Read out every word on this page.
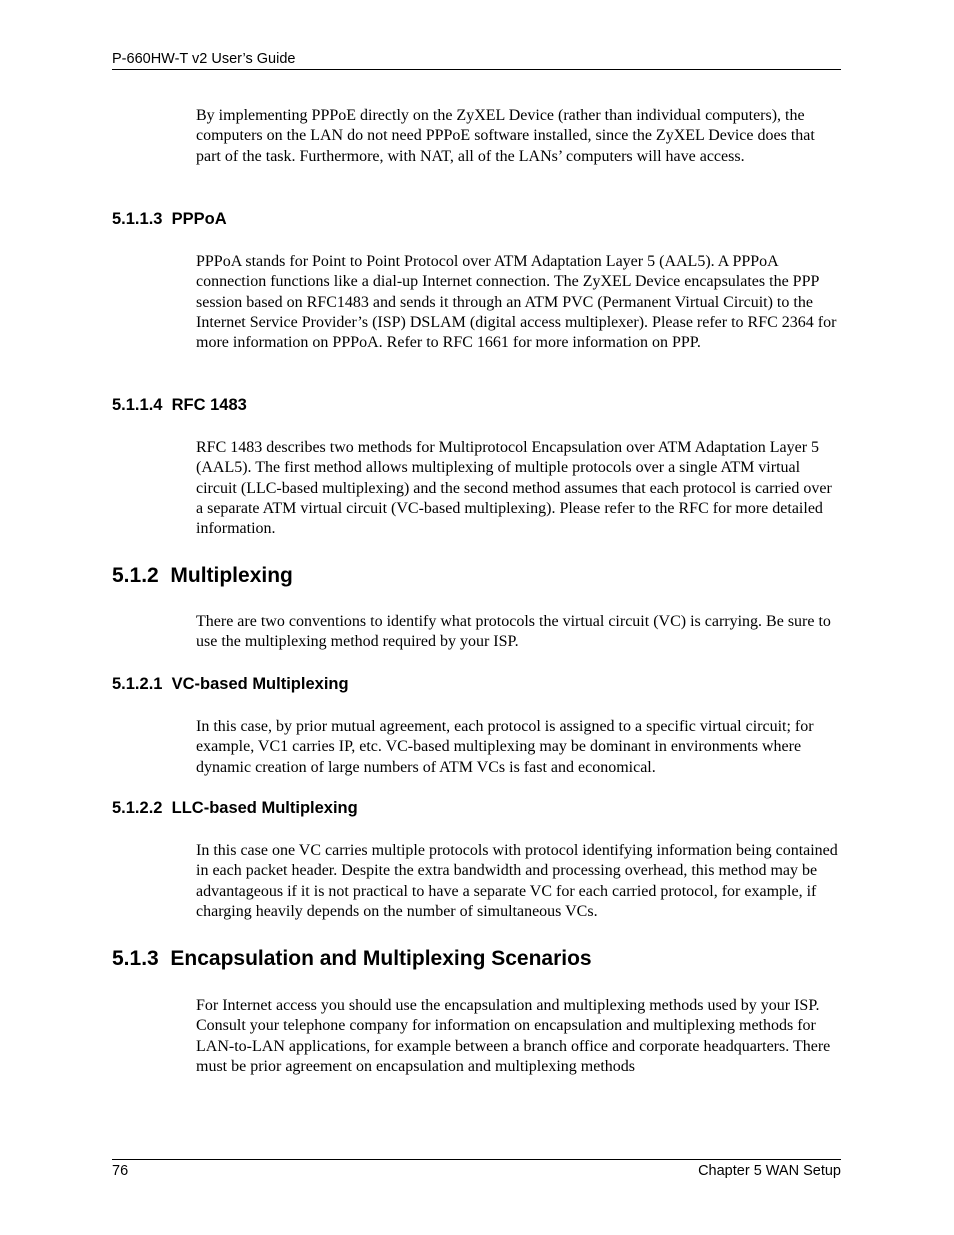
P-660HW-T v2 User’s Guide

By implementing PPPoE directly on the ZyXEL Device (rather than individual computers), the computers on the LAN do not need PPPoE software installed, since the ZyXEL Device does that part of the task. Furthermore, with NAT, all of the LANs’ computers will have access.

5.1.1.3  PPPoA

PPPoA stands for Point to Point Protocol over ATM Adaptation Layer 5 (AAL5). A PPPoA connection functions like a dial-up Internet connection. The ZyXEL Device encapsulates the PPP session based on RFC1483 and sends it through an ATM PVC (Permanent Virtual Circuit) to the Internet Service Provider’s (ISP) DSLAM (digital access multiplexer). Please refer to RFC 2364 for more information on PPPoA. Refer to RFC 1661 for more information on PPP.

5.1.1.4  RFC 1483

RFC 1483 describes two methods for Multiprotocol Encapsulation over ATM Adaptation Layer 5 (AAL5). The first method allows multiplexing of multiple protocols over a single ATM virtual circuit (LLC-based multiplexing) and the second method assumes that each protocol is carried over a separate ATM virtual circuit (VC-based multiplexing). Please refer to the RFC for more detailed information.

5.1.2  Multiplexing

There are two conventions to identify what protocols the virtual circuit (VC) is carrying. Be sure to use the multiplexing method required by your ISP.

5.1.2.1  VC-based Multiplexing

In this case, by prior mutual agreement, each protocol is assigned to a specific virtual circuit; for example, VC1 carries IP, etc. VC-based multiplexing may be dominant in environments where dynamic creation of large numbers of ATM VCs is fast and economical.

5.1.2.2  LLC-based Multiplexing

In this case one VC carries multiple protocols with protocol identifying information being contained in each packet header. Despite the extra bandwidth and processing overhead, this method may be advantageous if it is not practical to have a separate VC for each carried protocol, for example, if charging heavily depends on the number of simultaneous VCs.

5.1.3  Encapsulation and Multiplexing Scenarios

For Internet access you should use the encapsulation and multiplexing methods used by your ISP. Consult your telephone company for information on encapsulation and multiplexing methods for LAN-to-LAN applications, for example between a branch office and corporate headquarters. There must be prior agreement on encapsulation and multiplexing methods

76	Chapter 5 WAN Setup
